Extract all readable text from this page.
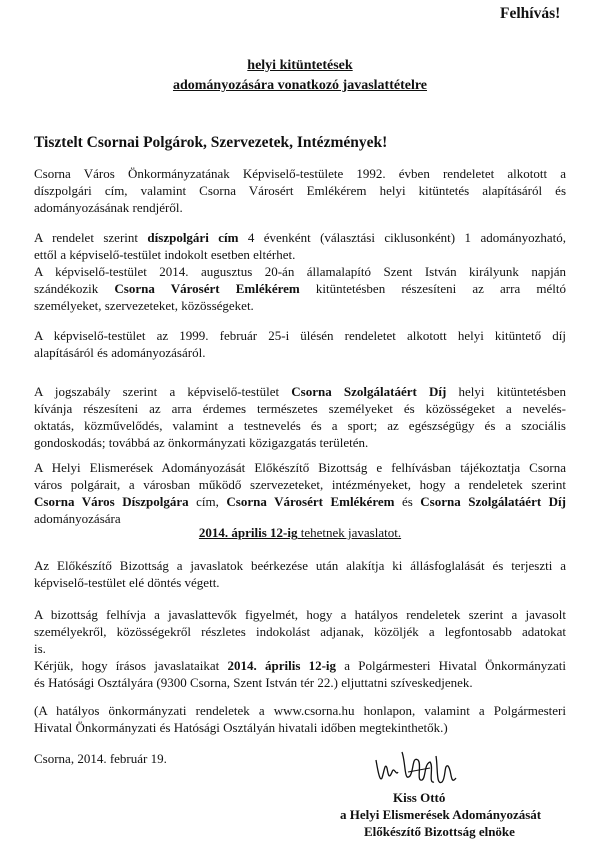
Felhívás!
helyi kitüntetések
adományozására vonatkozó javaslattételre
Tisztelt Csornai Polgárok, Szervezetek, Intézmények!
Csorna Város Önkormányzatának Képviselő-testülete 1992. évben rendeletet alkotott a
díszpolgári cím, valamint Csorna Városért Emlékérem helyi kitüntetés alapításáról és
adományozásának rendjéről.
A rendelet szerint díszpolgári cím 4 évenként (választási ciklusonként) 1 adományozható,
ettől a képviselő-testület indokolt esetben eltérhet.
A képviselő-testület 2014. augusztus 20-án államalapító Szent István királyunk napján
szándékozik Csorna Városért Emlékérem kitüntetésben részesíteni az arra méltó
személyeket, szervezeteket, közösségeket.
A képviselő-testület az 1999. február 25-i ülésén rendeletet alkotott helyi kitüntető díj
alapításáról és adományozásáról.
A jogszabály szerint a képviselő-testület Csorna Szolgálatáért Díj helyi kitüntetésben
kívánja részesíteni az arra érdemes természetes személyeket és közösségeket a nevelés-
oktatás, közművelődés, valamint a testnevelés és a sport; az egészségügy és a szociális
gondoskodás; továbbá az önkormányzati közigazgatás területén.
A Helyi Elismerések Adományozását Előkészítő Bizottság e felhívásban tájékoztatja Csorna
város polgárait, a városban működő szervezeteket, intézményeket, hogy a rendeletek szerint
Csorna Város Díszpolgára cím, Csorna Városért Emlékérem és Csorna Szolgálatáért Díj
adományozására
2014. április 12-ig tehetnek javaslatot.
Az Előkészítő Bizottság a javaslatok beérkezése után alakítja ki állásfoglalását és terjeszti a
képviselő-testület elé döntés végett.
A bizottság felhívja a javaslattevők figyelmét, hogy a hatályos rendeletek szerint a javasolt
személyekről, közösségekről részletes indokolást adjanak, közöljék a legfontosabb adatokat
is.
Kérjük, hogy írásos javaslataikat 2014. április 12-ig a Polgármesteri Hivatal Önkormányzati
és Hatósági Osztályára (9300 Csorna, Szent István tér 22.) eljuttatni szíveskedjenek.
(A hatályos önkormányzati rendeletek a www.csorna.hu honlapon, valamint a Polgármesteri
Hivatal Önkormányzati és Hatósági Osztályán hivatali időben megtekinthetők.)
Csorna, 2014. február 19.
Kiss Ottó
a Helyi Elismerések Adományozását
Előkészítő Bizottság elnöke
